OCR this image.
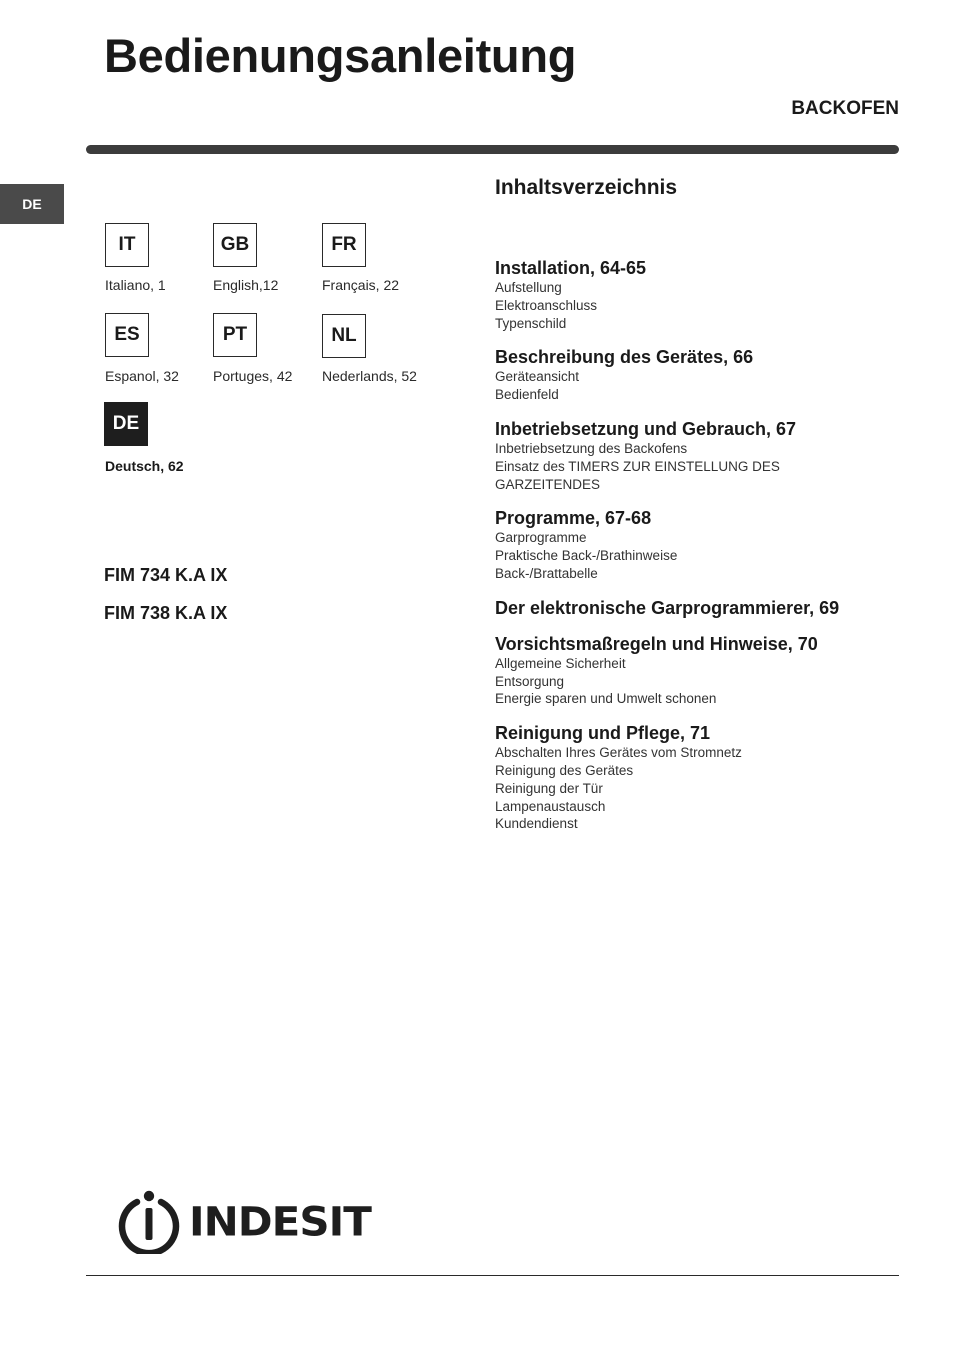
Bedienungsanleitung
BACKOFEN
DE
IT
Italiano, 1
GB
English,12
FR
Français, 22
ES
Espanol, 32
PT
Portuges, 42
NL
Nederlands, 52
DE
Deutsch, 62
FIM 734 K.A IX
FIM 738 K.A IX
Inhaltsverzeichnis
Installation, 64-65
Aufstellung
Elektroanschluss
Typenschild
Beschreibung des Gerätes, 66
Geräteansicht
Bedienfeld
Inbetriebsetzung und Gebrauch, 67
Inbetriebsetzung des Backofens
Einsatz des TIMERS ZUR EINSTELLUNG DES
GARZEITENDES
Programme, 67-68
Garprogramme
Praktische Back-/Brathinweise
Back-/Brattabelle
Der elektronische Garprogrammierer, 69
Vorsichtsmaßregeln und Hinweise, 70
Allgemeine Sicherheit
Entsorgung
Energie sparen und Umwelt schonen
Reinigung und Pflege, 71
Abschalten Ihres Gerätes vom Stromnetz
Reinigung des Gerätes
Reinigung der Tür
Lampenaustausch
Kundendienst
INDESIT
